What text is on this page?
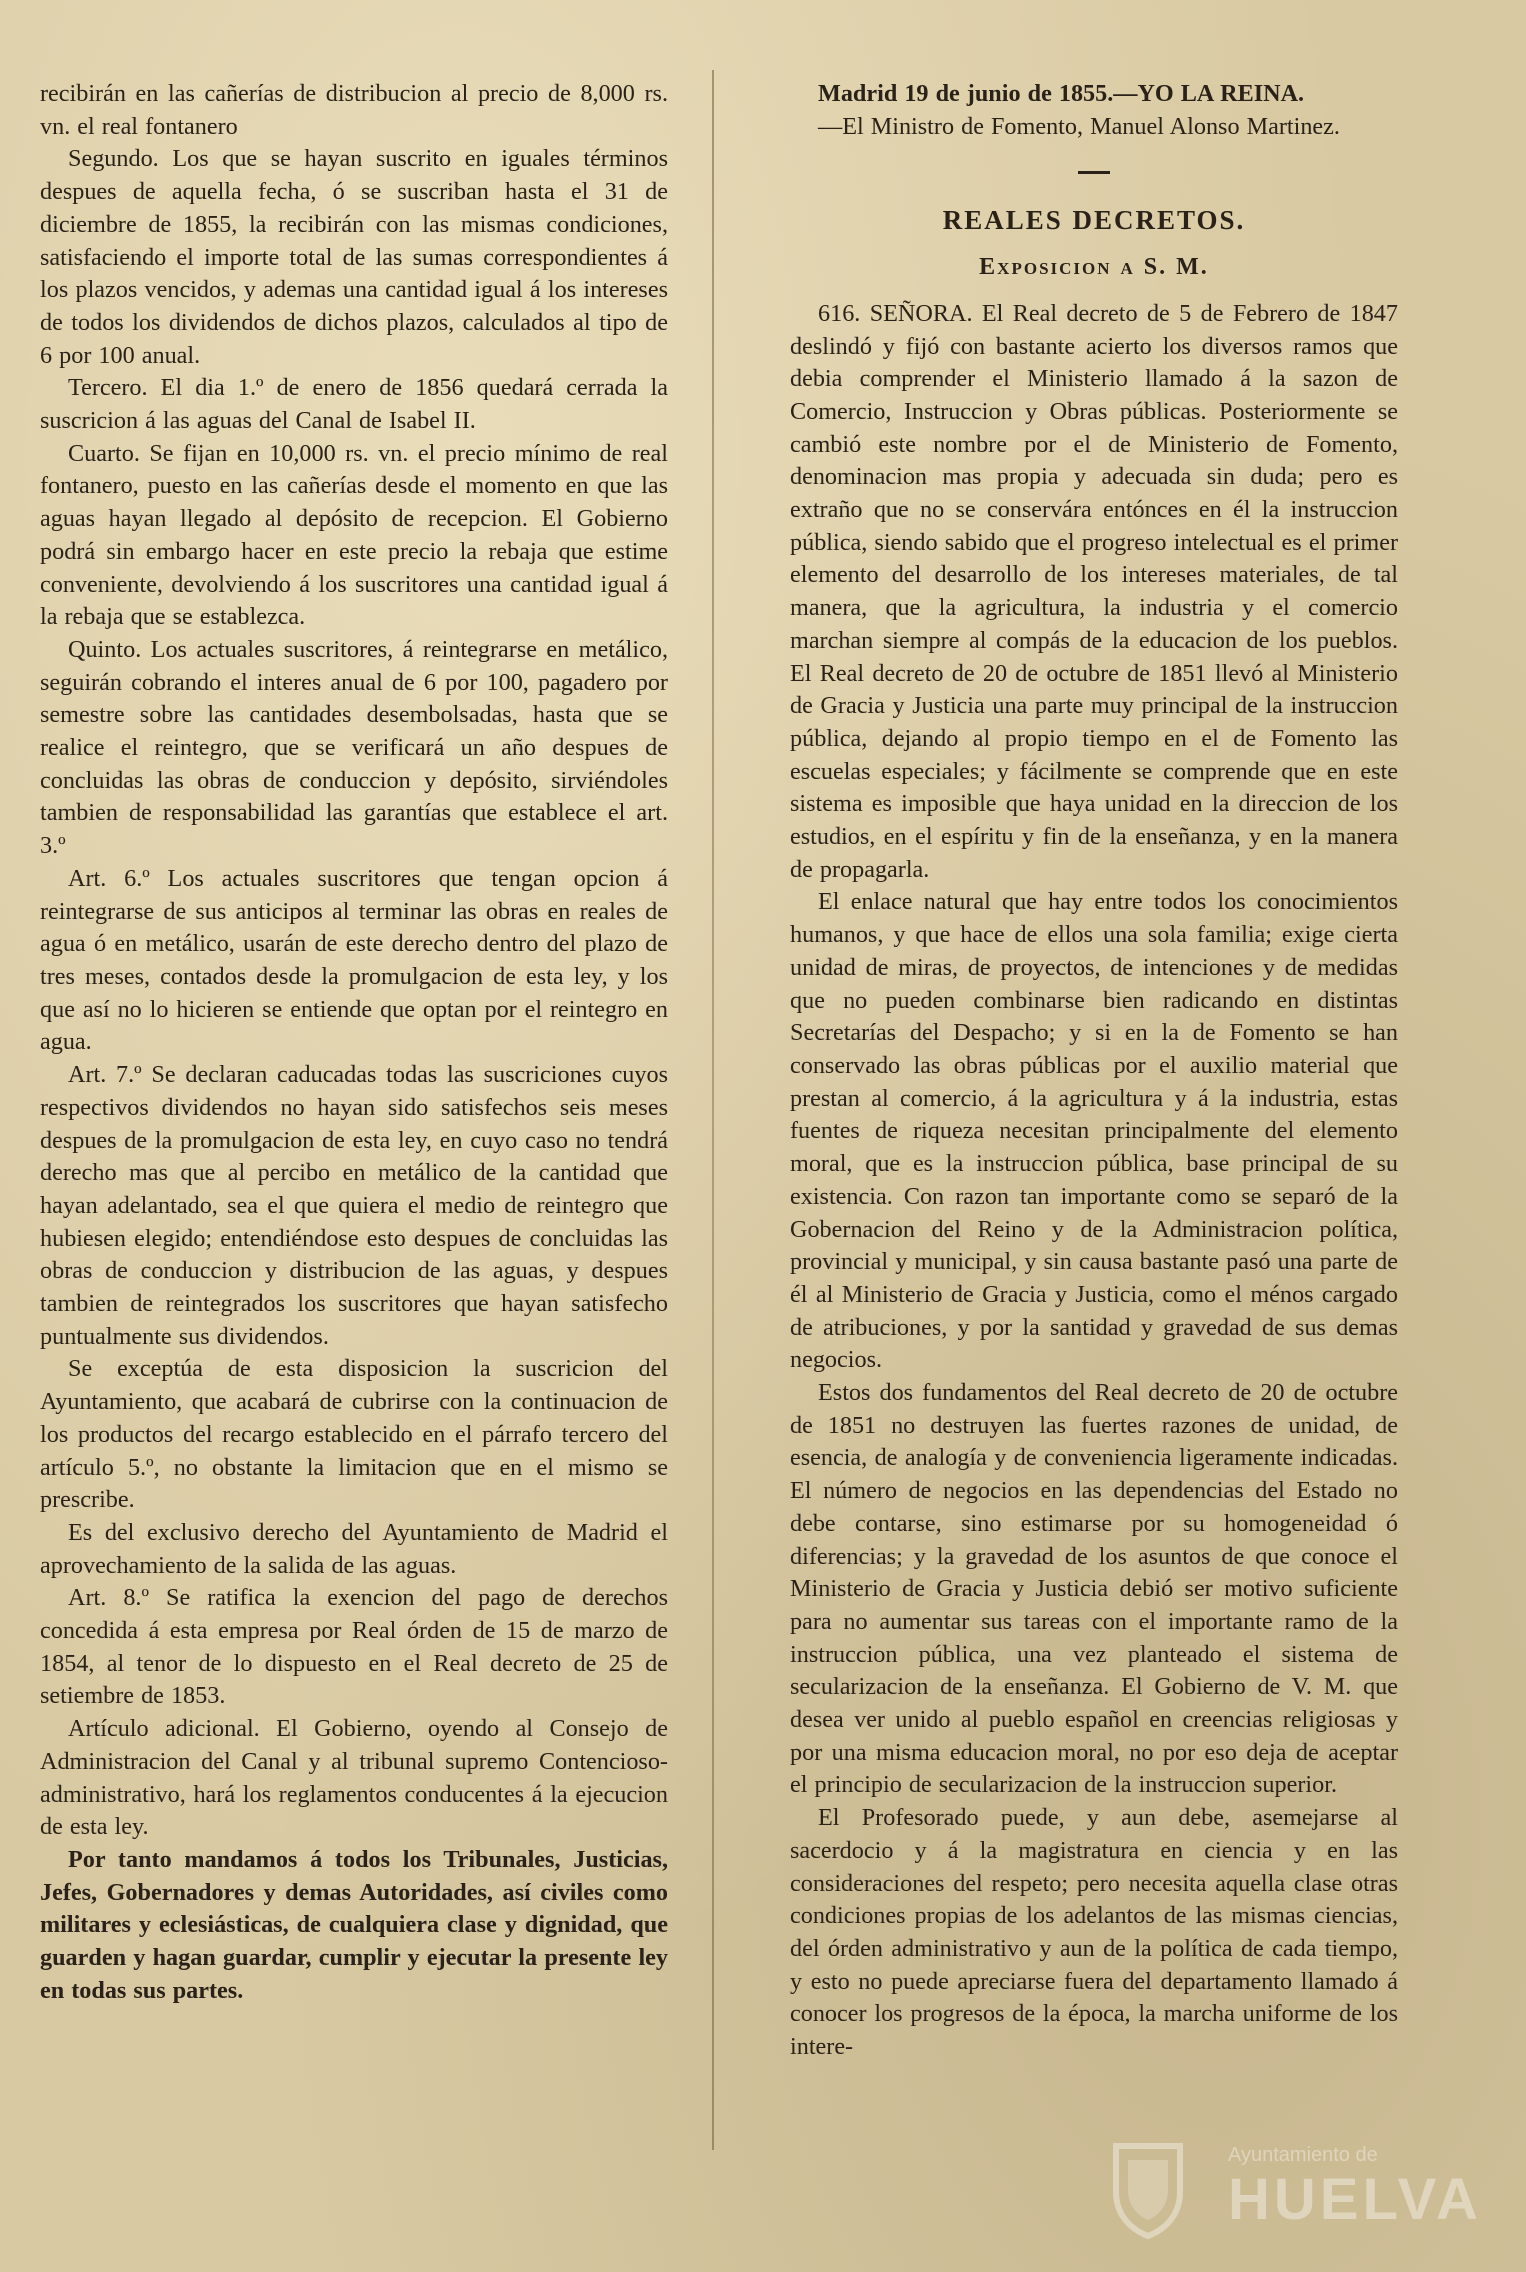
recibirán en las cañerías de distribucion al precio de 8,000 rs. vn. el real fontanero

Segundo. Los que se hayan suscrito en iguales términos despues de aquella fecha, ó se suscriban hasta el 31 de diciembre de 1855, la recibirán con las mismas condiciones, satisfaciendo el importe total de las sumas correspondientes á los plazos vencidos, y ademas una cantidad igual á los intereses de todos los dividendos de dichos plazos, calculados al tipo de 6 por 100 anual.

Tercero. El dia 1.º de enero de 1856 quedará cerrada la suscricion á las aguas del Canal de Isabel II.

Cuarto. Se fijan en 10,000 rs. vn. el precio mínimo de real fontanero, puesto en las cañerías desde el momento en que las aguas hayan llegado al depósito de recepcion. El Gobierno podrá sin embargo hacer en este precio la rebaja que estime conveniente, devolviendo á los suscritores una cantidad igual á la rebaja que se establezca.

Quinto. Los actuales suscritores, á reintegrarse en metálico, seguirán cobrando el interes anual de 6 por 100, pagadero por semestre sobre las cantidades desembolsadas, hasta que se realice el reintegro, que se verificará un año despues de concluidas las obras de conduccion y depósito, sirviéndoles tambien de responsabilidad las garantías que establece el art. 3.º

Art. 6.º Los actuales suscritores que tengan opcion á reintegrarse de sus anticipos al terminar las obras en reales de agua ó en metálico, usarán de este derecho dentro del plazo de tres meses, contados desde la promulgacion de esta ley, y los que así no lo hicieren se entiende que optan por el reintegro en agua.

Art. 7.º Se declaran caducadas todas las suscriciones cuyos respectivos dividendos no hayan sido satisfechos seis meses despues de la promulgacion de esta ley, en cuyo caso no tendrá derecho mas que al percibo en metálico de la cantidad que hayan adelantado, sea el que quiera el medio de reintegro que hubiesen elegido; entendiéndose esto despues de concluidas las obras de conduccion y distribucion de las aguas, y despues tambien de reintegrados los suscritores que hayan satisfecho puntualmente sus dividendos.

Se exceptúa de esta disposicion la suscricion del Ayuntamiento, que acabará de cubrirse con la continuacion de los productos del recargo establecido en el párrafo tercero del artículo 5.º, no obstante la limitacion que en el mismo se prescribe.

Es del exclusivo derecho del Ayuntamiento de Madrid el aprovechamiento de la salida de las aguas.

Art. 8.º Se ratifica la exencion del pago de derechos concedida á esta empresa por Real órden de 15 de marzo de 1854, al tenor de lo dispuesto en el Real decreto de 25 de setiembre de 1853.

Artículo adicional. El Gobierno, oyendo al Consejo de Administracion del Canal y al tribunal supremo Contencioso-administrativo, hará los reglamentos conducentes á la ejecucion de esta ley.

Por tanto mandamos á todos los Tribunales, Justicias, Jefes, Gobernadores y demas Autoridades, así civiles como militares y eclesiásticas, de cualquiera clase y dignidad, que guarden y hagan guardar, cumplir y ejecutar la presente ley en todas sus partes.

Madrid 19 de junio de 1855.—YO LA REINA.

—El Ministro de Fomento, Manuel Alonso Martinez.

REALES DECRETOS.

Exposicion a S. M.

616. SEÑORA. El Real decreto de 5 de Febrero de 1847 deslindó y fijó con bastante acierto los diversos ramos que debia comprender el Ministerio llamado á la sazon de Comercio, Instruccion y Obras públicas. Posteriormente se cambió este nombre por el de Ministerio de Fomento, denominacion mas propia y adecuada sin duda; pero es extraño que no se conservára entónces en él la instruccion pública, siendo sabido que el progreso intelectual es el primer elemento del desarrollo de los intereses materiales, de tal manera, que la agricultura, la industria y el comercio marchan siempre al compás de la educacion de los pueblos. El Real decreto de 20 de octubre de 1851 llevó al Ministerio de Gracia y Justicia una parte muy principal de la instruccion pública, dejando al propio tiempo en el de Fomento las escuelas especiales; y fácilmente se comprende que en este sistema es imposible que haya unidad en la direccion de los estudios, en el espíritu y fin de la enseñanza, y en la manera de propagarla.

El enlace natural que hay entre todos los conocimientos humanos, y que hace de ellos una sola familia; exige cierta unidad de miras, de proyectos, de intenciones y de medidas que no pueden combinarse bien radicando en distintas Secretarías del Despacho; y si en la de Fomento se han conservado las obras públicas por el auxilio material que prestan al comercio, á la agricultura y á la industria, estas fuentes de riqueza necesitan principalmente del elemento moral, que es la instruccion pública, base principal de su existencia. Con razon tan importante como se separó de la Gobernacion del Reino y de la Administracion política, provincial y municipal, y sin causa bastante pasó una parte de él al Ministerio de Gracia y Justicia, como el ménos cargado de atribuciones, y por la santidad y gravedad de sus demas negocios.

Estos dos fundamentos del Real decreto de 20 de octubre de 1851 no destruyen las fuertes razones de unidad, de esencia, de analogía y de conveniencia ligeramente indicadas. El número de negocios en las dependencias del Estado no debe contarse, sino estimarse por su homogeneidad ó diferencias; y la gravedad de los asuntos de que conoce el Ministerio de Gracia y Justicia debió ser motivo suficiente para no aumentar sus tareas con el importante ramo de la instruccion pública, una vez planteado el sistema de secularizacion de la enseñanza. El Gobierno de V. M. que desea ver unido al pueblo español en creencias religiosas y por una misma educacion moral, no por eso deja de aceptar el principio de secularizacion de la instruccion superior.

El Profesorado puede, y aun debe, asemejarse al sacerdocio y á la magistratura en ciencia y en las consideraciones del respeto; pero necesita aquella clase otras condiciones propias de los adelantos de las mismas ciencias, del órden administrativo y aun de la política de cada tiempo, y esto no puede apreciarse fuera del departamento llamado á conocer los progresos de la época, la marcha uniforme de los intere-

Ayuntamiento de
HUELVA
